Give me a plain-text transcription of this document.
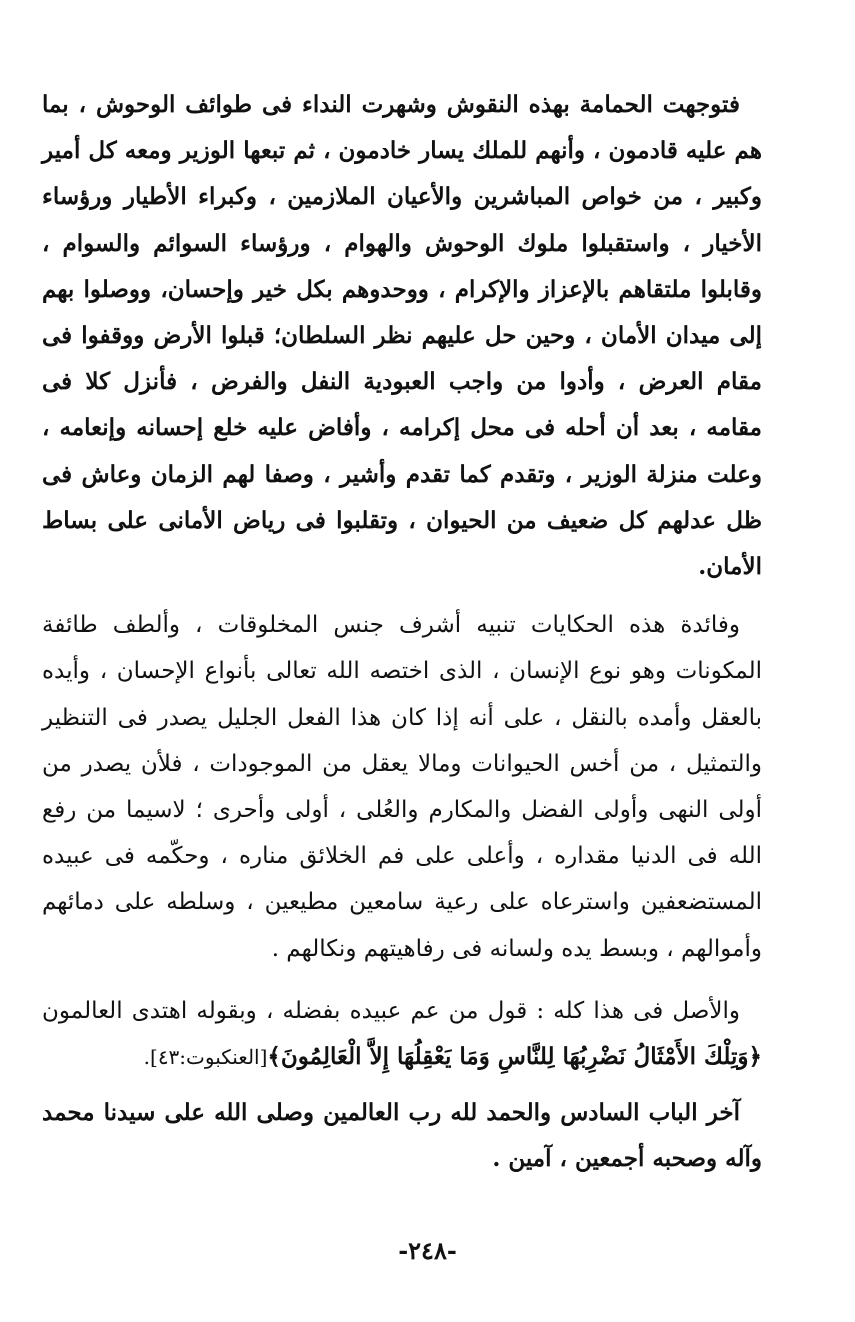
فتوجهت الحمامة بهذه النقوش وشهرت النداء فى طوائف الوحوش ، بما هم عليه قادمون ، وأنهم للملك يسار خادمون ، ثم تبعها الوزير ومعه كل أمير وكبير ، من خواص المباشرين والأعيان الملازمين ، وكبراء الأطيار ورؤساء الأخيار ، واستقبلوا ملوك الوحوش والهوام ، ورؤساء السوائم والسوام ، وقابلوا ملتقاهم بالإعزاز والإكرام ، ووحدوهم بكل خير وإحسان، ووصلوا بهم إلى ميدان الأمان ، وحين حل عليهم نظر السلطان؛ قبلوا الأرض ووقفوا فى مقام العرض ، وأدوا من واجب العبودية النفل والفرض ، فأنزل كلا فى مقامه ، بعد أن أحله فى محل إكرامه ، وأفاض عليه خلع إحسانه وإنعامه ، وعلت منزلة الوزير ، وتقدم كما تقدم وأشير ، وصفا لهم الزمان وعاش فى ظل عدلهم كل ضعيف من الحيوان ، وتقلبوا فى رياض الأمانى على بساط الأمان.

وفائدة هذه الحكايات تنبيه أشرف جنس المخلوقات ، وألطف طائفة المكونات وهو نوع الإنسان ، الذى اختصه الله تعالى بأنواع الإحسان ، وأيده بالعقل وأمده بالنقل ، على أنه إذا كان هذا الفعل الجليل يصدر فى التنظير والتمثيل ، من أخس الحيوانات ومالا يعقل من الموجودات ، فلأن يصدر من أولى النهى وأولى الفضل والمكارم والعُلى ، أولى وأحرى ؛ لاسيما من رفع الله فى الدنيا مقداره ، وأعلى على فم الخلائق مناره ، وحكّمه فى عبيده المستضعفين واسترعاه على رعية سامعين مطيعين ، وسلطه على دمائهم وأموالهم ، وبسط يده ولسانه فى رفاهيتهم ونكالهم .

والأصل فى هذا كله : قول من عم عبيده بفضله ، وبقوله اهتدى العالمون ﴿وَتِلْكَ الأَمْثَالُ نَضْرِبُهَا لِلنَّاسِ وَمَا يَعْقِلُهَا إِلاَّ الْعَالِمُونَ﴾[العنكبوت:٤٣].

آخر الباب السادس والحمد لله رب العالمين وصلى الله على سيدنا محمد وآله وصحبه أجمعين ، آمين .

-٢٤٨-
